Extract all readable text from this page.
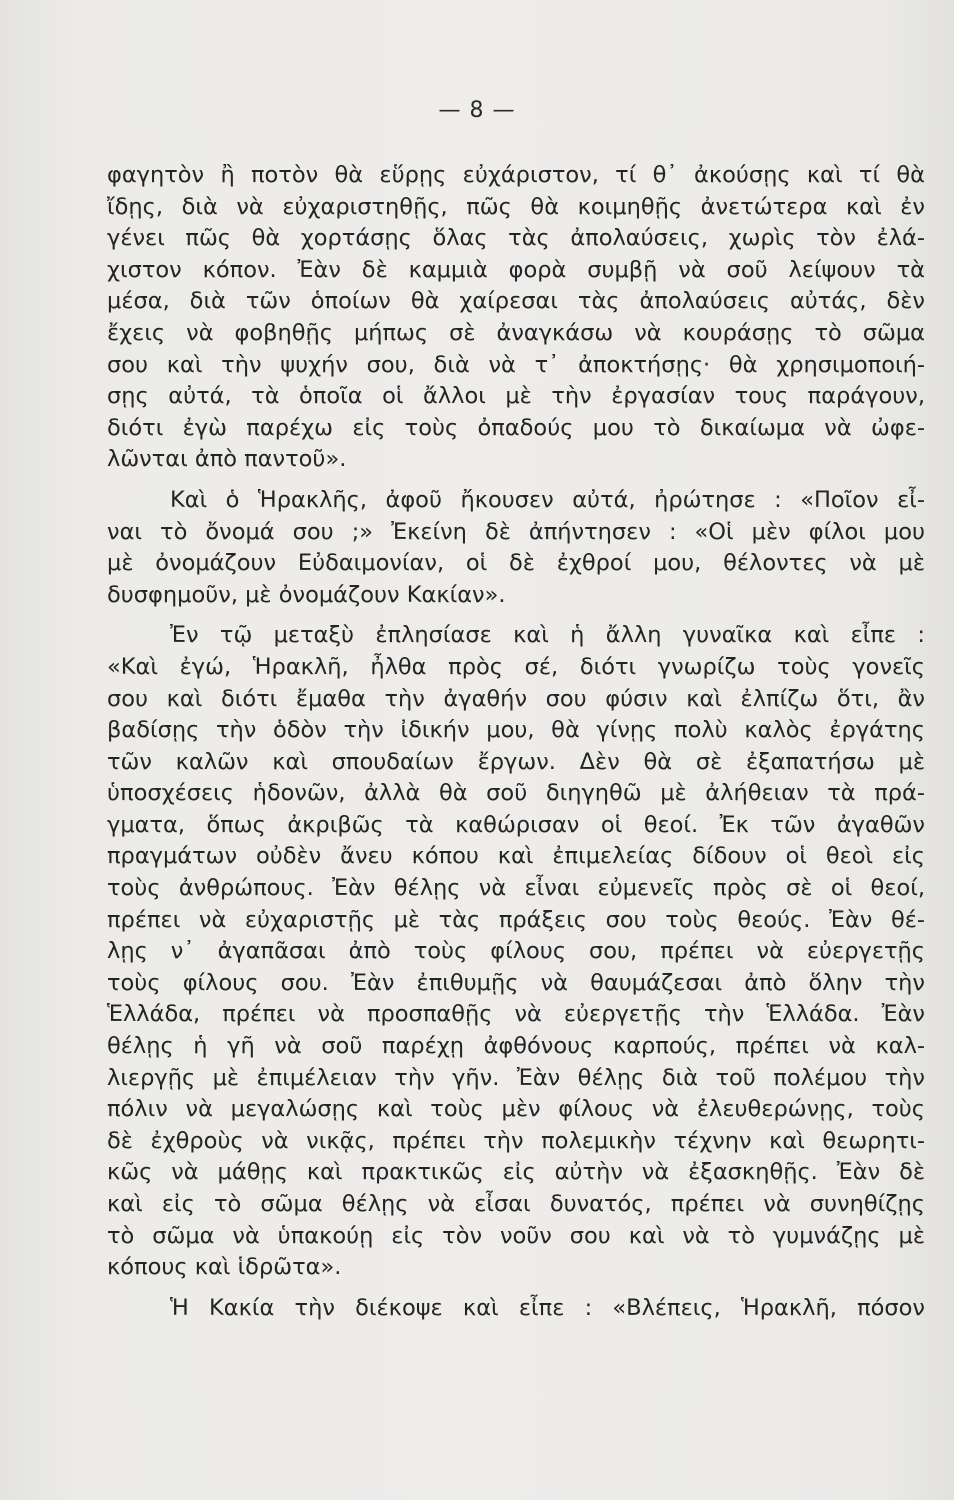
— 8 —
φαγητὸν ἢ ποτὸν θὰ εὕρῃς εὐχάριστον, τί θ᾽ ἀκούσῃς καὶ τί θὰ
ἴδῃς, διὰ νὰ εὐχαριστηθῇς, πῶς θὰ κοιμηθῇς ἀνετώτερα καὶ ἐν
γένει πῶς θὰ χορτάσῃς ὅλας τὰς ἀπολαύσεις, χωρὶς τὸν ἐλά-
χιστον κόπον. Ἐὰν δὲ καμμιὰ φορὰ συμβῇ νὰ σοῦ λείψουν τὰ
μέσα, διὰ τῶν ὁποίων θὰ χαίρεσαι τὰς ἀπολαύσεις αὐτάς, δὲν
ἔχεις νὰ φοβηθῇς μήπως σὲ ἀναγκάσω νὰ κουράσῃς τὸ σῶμα
σου καὶ τὴν ψυχήν σου, διὰ νὰ τ᾽ ἀποκτήσῃς· θὰ χρησιμοποιή-
σῃς αὐτά, τὰ ὁποῖα οἱ ἄλλοι μὲ τὴν ἐργασίαν τους παράγουν,
διότι ἐγὼ παρέχω εἰς τοὺς ὀπαδούς μου τὸ δικαίωμα νὰ ὠφε-
λῶνται ἀπὸ παντοῦ».
Καὶ ὁ Ἡρακλῆς, ἀφοῦ ἤκουσεν αὐτά, ἠρώτησε : «Ποῖον εἶ-
ναι τὸ ὄνομά σου ;» Ἐκείνη δὲ ἀπήντησεν : «Οἱ μὲν φίλοι μου
μὲ ὀνομάζουν Εὐδαιμονίαν, οἱ δὲ ἐχθροί μου, θέλοντες νὰ μὲ
δυσφημοῦν, μὲ ὀνομάζουν Κακίαν».
Ἐν τῷ μεταξὺ ἐπλησίασε καὶ ἡ ἄλλη γυναῖκα καὶ εἶπε :
«Καὶ ἐγώ, Ἡρακλῆ, ἦλθα πρὸς σέ, διότι γνωρίζω τοὺς γονεῖς
σου καὶ διότι ἔμαθα τὴν ἀγαθήν σου φύσιν καὶ ἐλπίζω ὅτι, ἂν
βαδίσῃς τὴν ὁδὸν τὴν ἰδικήν μου, θὰ γίνῃς πολὺ καλὸς ἐργάτης
τῶν καλῶν καὶ σπουδαίων ἔργων. Δὲν θὰ σὲ ἐξαπατήσω μὲ
ὑποσχέσεις ἡδονῶν, ἀλλὰ θὰ σοῦ διηγηθῶ μὲ ἀλήθειαν τὰ πρά-
γματα, ὅπως ἀκριβῶς τὰ καθώρισαν οἱ θεοί. Ἐκ τῶν ἀγαθῶν
πραγμάτων οὐδὲν ἄνευ κόπου καὶ ἐπιμελείας δίδουν οἱ θεοὶ εἰς
τοὺς ἀνθρώπους. Ἐὰν θέλῃς νὰ εἶναι εὐμενεῖς πρὸς σὲ οἱ θεοί,
πρέπει νὰ εὐχαριστῇς μὲ τὰς πράξεις σου τοὺς θεούς. Ἐὰν θέ-
λῃς ν᾽ ἀγαπᾶσαι ἀπὸ τοὺς φίλους σου, πρέπει νὰ εὐεργετῇς
τοὺς φίλους σου. Ἐὰν ἐπιθυμῇς νὰ θαυμάζεσαι ἀπὸ ὅλην τὴν
Ἑλλάδα, πρέπει νὰ προσπαθῇς νὰ εὐεργετῇς τὴν Ἑλλάδα. Ἐὰν
θέλῃς ἡ γῆ νὰ σοῦ παρέχῃ ἀφθόνους καρπούς, πρέπει νὰ καλ-
λιεργῇς μὲ ἐπιμέλειαν τὴν γῆν. Ἐὰν θέλῃς διὰ τοῦ πολέμου τὴν
πόλιν νὰ μεγαλώσῃς καὶ τοὺς μὲν φίλους νὰ ἐλευθερώνῃς, τοὺς
δὲ ἐχθροὺς νὰ νικᾷς, πρέπει τὴν πολεμικὴν τέχνην καὶ θεωρητι-
κῶς νὰ μάθῃς καὶ πρακτικῶς εἰς αὐτὴν νὰ ἐξασκηθῇς. Ἐὰν δὲ
καὶ εἰς τὸ σῶμα θέλῃς νὰ εἶσαι δυνατός, πρέπει νὰ συνηθίζῃς
τὸ σῶμα νὰ ὑπακούῃ εἰς τὸν νοῦν σου καὶ νὰ τὸ γυμνάζῃς μὲ
κόπους καὶ ἱδρῶτα».
Ἡ Κακία τὴν διέκοψε καὶ εἶπε : «Βλέπεις, Ἡρακλῆ, πόσον
